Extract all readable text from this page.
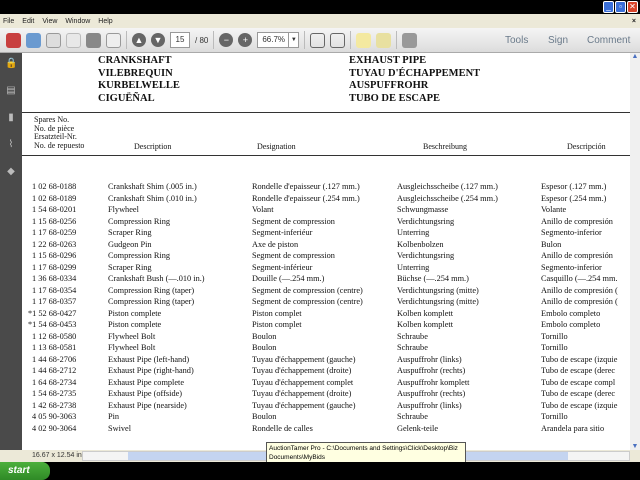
_	▫ ✕
File Edit View Window Help	×
▲ ▼	15	/ 80	−	+	66.7% ▼	Tools Sign Comment
🔒
▤
▮
⌇
◆
CRANKSHAFT
VILEBREQUIN
KURBELWELLE
CIGUËÑAL
EXHAUST PIPE
TUYAU D'ÉCHAPPEMENT
AUSPUFFROHR
TUBO DE ESCAPE
Spares No.
No. de pièce
Ersatzteil-Nr.
No. de repuesto	Description	Designation	Beschreibung	Descripción
1 02 68-0188	Crankshaft Shim (.005 in.)	Rondelle d'epaisseur (.127 mm.)	Ausgleichsscheibe (.127 mm.)	Espesor (.127 mm.)
1 02 68-0189	Crankshaft Shim (.010 in.)	Rondelle d'epaisseur (.254 mm.)	Ausgleichsscheibe (.254 mm.)	Espesor (.254 mm.)
1 54 68-0201	Flywheel	Volant	Schwungmasse	Volante
1 15 68-0256	Compression Ring	Segment de compression	Verdichtungsring	Anillo de compresión
1 17 68-0259	Scraper Ring	Segment-inferiéur	Unterring	Segmento-inferior
1 22 68-0263	Gudgeon Pin	Axe de piston	Kolbenbolzen	Bulon
1 15 68-0296	Compression Ring	Segment de compression	Verdichtungsring	Anillo de compresión
1 17 68-0299	Scraper Ring	Segment-inférieur	Unterring	Segmento-inferior
1 36 68-0334	Crankshaft Bush (—.010 in.)	Douille (—.254 mm.)	Büchse (—.254 mm.)	Casquillo (—.254 mm.
1 17 68-0354	Compression Ring (taper)	Segment de compression (centre)	Verdichtungsring (mitte)	Anillo de compresión (
1 17 68-0357	Compression Ring (taper)	Segment de compression (centre)	Verdichtungsring (mitte)	Anillo de compresión (
*1 52 68-0427	Piston complete	Piston complet	Kolben komplett	Embolo completo
*1 54 68-0453	Piston complete	Piston complet	Kolben komplett	Embolo completo
1 12 68-0580	Flywheel Bolt	Boulon	Schraube	Tornillo
1 13 68-0581	Flywheel Bolt	Boulon	Schraube	Tornillo
1 44 68-2706	Exhaust Pipe (left-hand)	Tuyau d'échappement (gauche)	Auspuffrohr (links)	Tubo de escape (izquie
1 44 68-2712	Exhaust Pipe (right-hand)	Tuyau d'échappement (droite)	Auspuffrohr (rechts)	Tubo de escape (derec
1 64 68-2734	Exhaust Pipe complete	Tuyau d'échappement complet	Auspuffrohr komplett	Tubo de escape compl
1 54 68-2735	Exhaust Pipe (offside)	Tuyau d'échappement (droite)	Auspuffrohr (rechts)	Tubo de escape (derec
1 42 68-2738	Exhaust Pipe (nearside)	Tuyau d'échappement (gauche)	Auspuffrohr (links)	Tubo de escape (izquie
4 05 90-3063	Pin	Boulon	Schraube	Tornillo
4 02 90-3064	Swivel	Rondelle de calles	Gelenk-teile	Arandela para sitio
▲
▼
16.67 x 12.54 in
AuctionTamer Pro - C:\Documents and Settings\Click\Desktop\Biz Documents\MyBids
start
